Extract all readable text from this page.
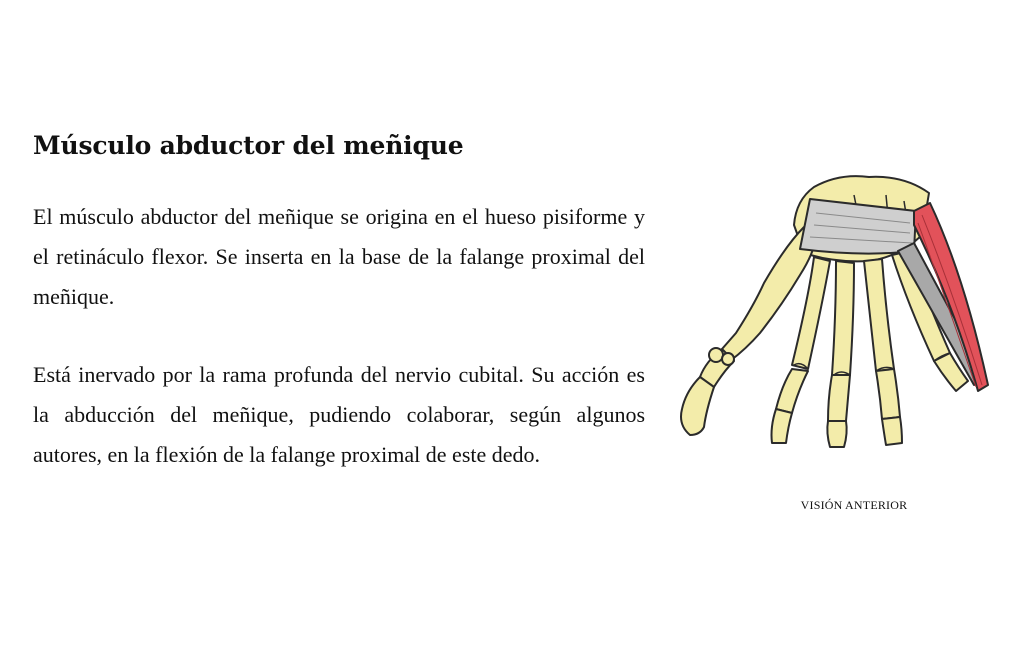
Músculo abductor del meñique

El músculo abductor del meñique se origina en el hueso pisiforme y el retináculo flexor. Se inserta en la base de la falange proximal del meñique.

Está inervado por la rama profunda del nervio cubital. Su acción es la abducción del meñique, pudiendo colaborar, según algunos autores, en la flexión de la falange proximal de este dedo.

VISIÓN ANTERIOR
